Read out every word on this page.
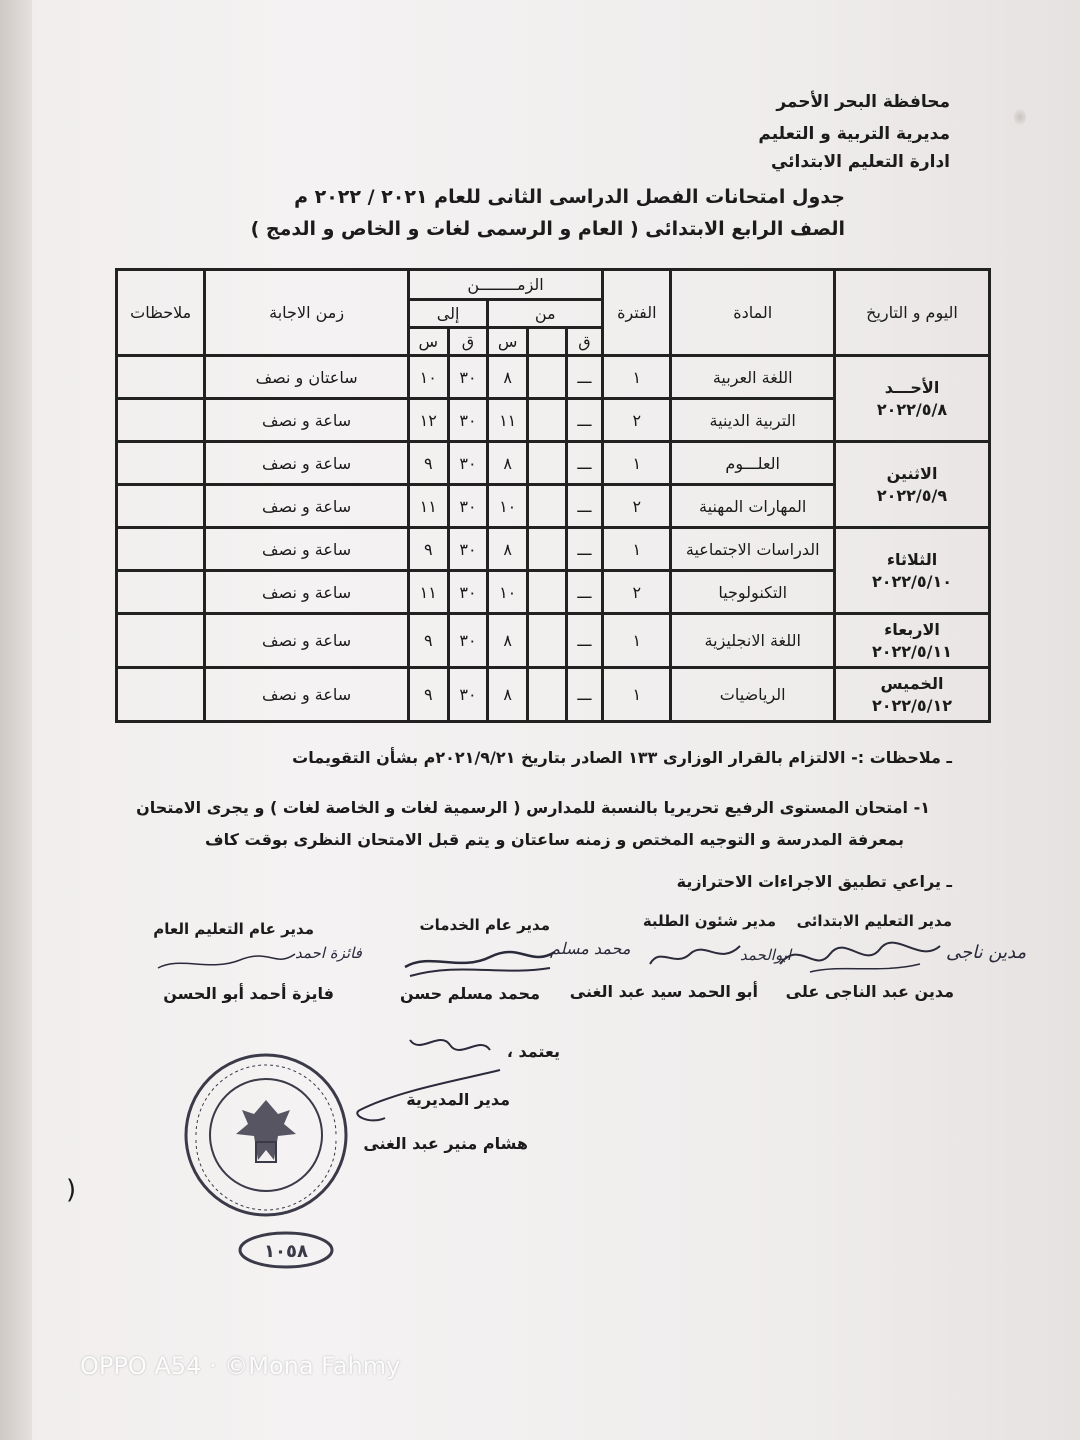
محافظة البحر الأحمر
مديرية التربية و التعليم
ادارة التعليم الابتدائي
جدول امتحانات الفصل الدراسى الثانى للعام ٢٠٢١ / ٢٠٢٢ م
الصف الرابع الابتدائى ( العام و الرسمى لغات و الخاص و الدمج )
اليوم و التاريخ	المادة	الفترة	الزمــــــــن					زمن الاجابة	ملاحظات
			من			إلى			
			ق		س	ق	س		

الأحـــد
٢٠٢٢/٥/٨	اللغة العربية	١	ـــ		٨	٣٠	١٠	ساعتان و نصف	
	التربية الدينية	٢	ـــ		١١	٣٠	١٢	ساعة و نصف	

الاثنين
٢٠٢٢/٥/٩	العلـــوم	١	ـــ		٨	٣٠	٩	ساعة و نصف	
	المهارات المهنية	٢	ـــ		١٠	٣٠	١١	ساعة و نصف	

الثلاثاء
٢٠٢٢/٥/١٠	الدراسات الاجتماعية	١	ـــ		٨	٣٠	٩	ساعة و نصف	
	التكنولوجيا	٢	ـــ		١٠	٣٠	١١	ساعة و نصف	

الاربعاء
٢٠٢٢/٥/١١	اللغة الانجليزية	١	ـــ		٨	٣٠	٩	ساعة و نصف	

الخميس
٢٠٢٢/٥/١٢	الرياضيات	١	ـــ		٨	٣٠	٩	ساعة و نصف	
ـ ملاحظات :- الالتزام بالقرار الوزارى ١٣٣ الصادر بتاريخ ٢٠٢١/٩/٢١م بشأن التقويمات
١- امتحان المستوى الرفيع تحريريا بالنسبة للمدارس ( الرسمية لغات و الخاصة لغات ) و يجرى الامتحان
بمعرفة المدرسة و التوجيه المختص و زمنه ساعتان و يتم قبل الامتحان النظرى بوقت كاف
ـ يراعي تطبيق الاجراءات الاحترازية
مدير التعليم الابتدائى
مدير شئون الطلبة
مدير عام الخدمات
مدير عام التعليم العام
مدين ناجى
ابوالحمد
محمد مسلم
فائزة احمد
مدين عبد الناجى على
أبو الحمد سيد عبد الغنى
محمد مسلم حسن
فايزة أحمد أبو الحسن
يعتمد ،
مدير المديرية
هشام منير عبد الغنى
١٠٥٨
(
OPPO A54 · ©Mona Fahmy
